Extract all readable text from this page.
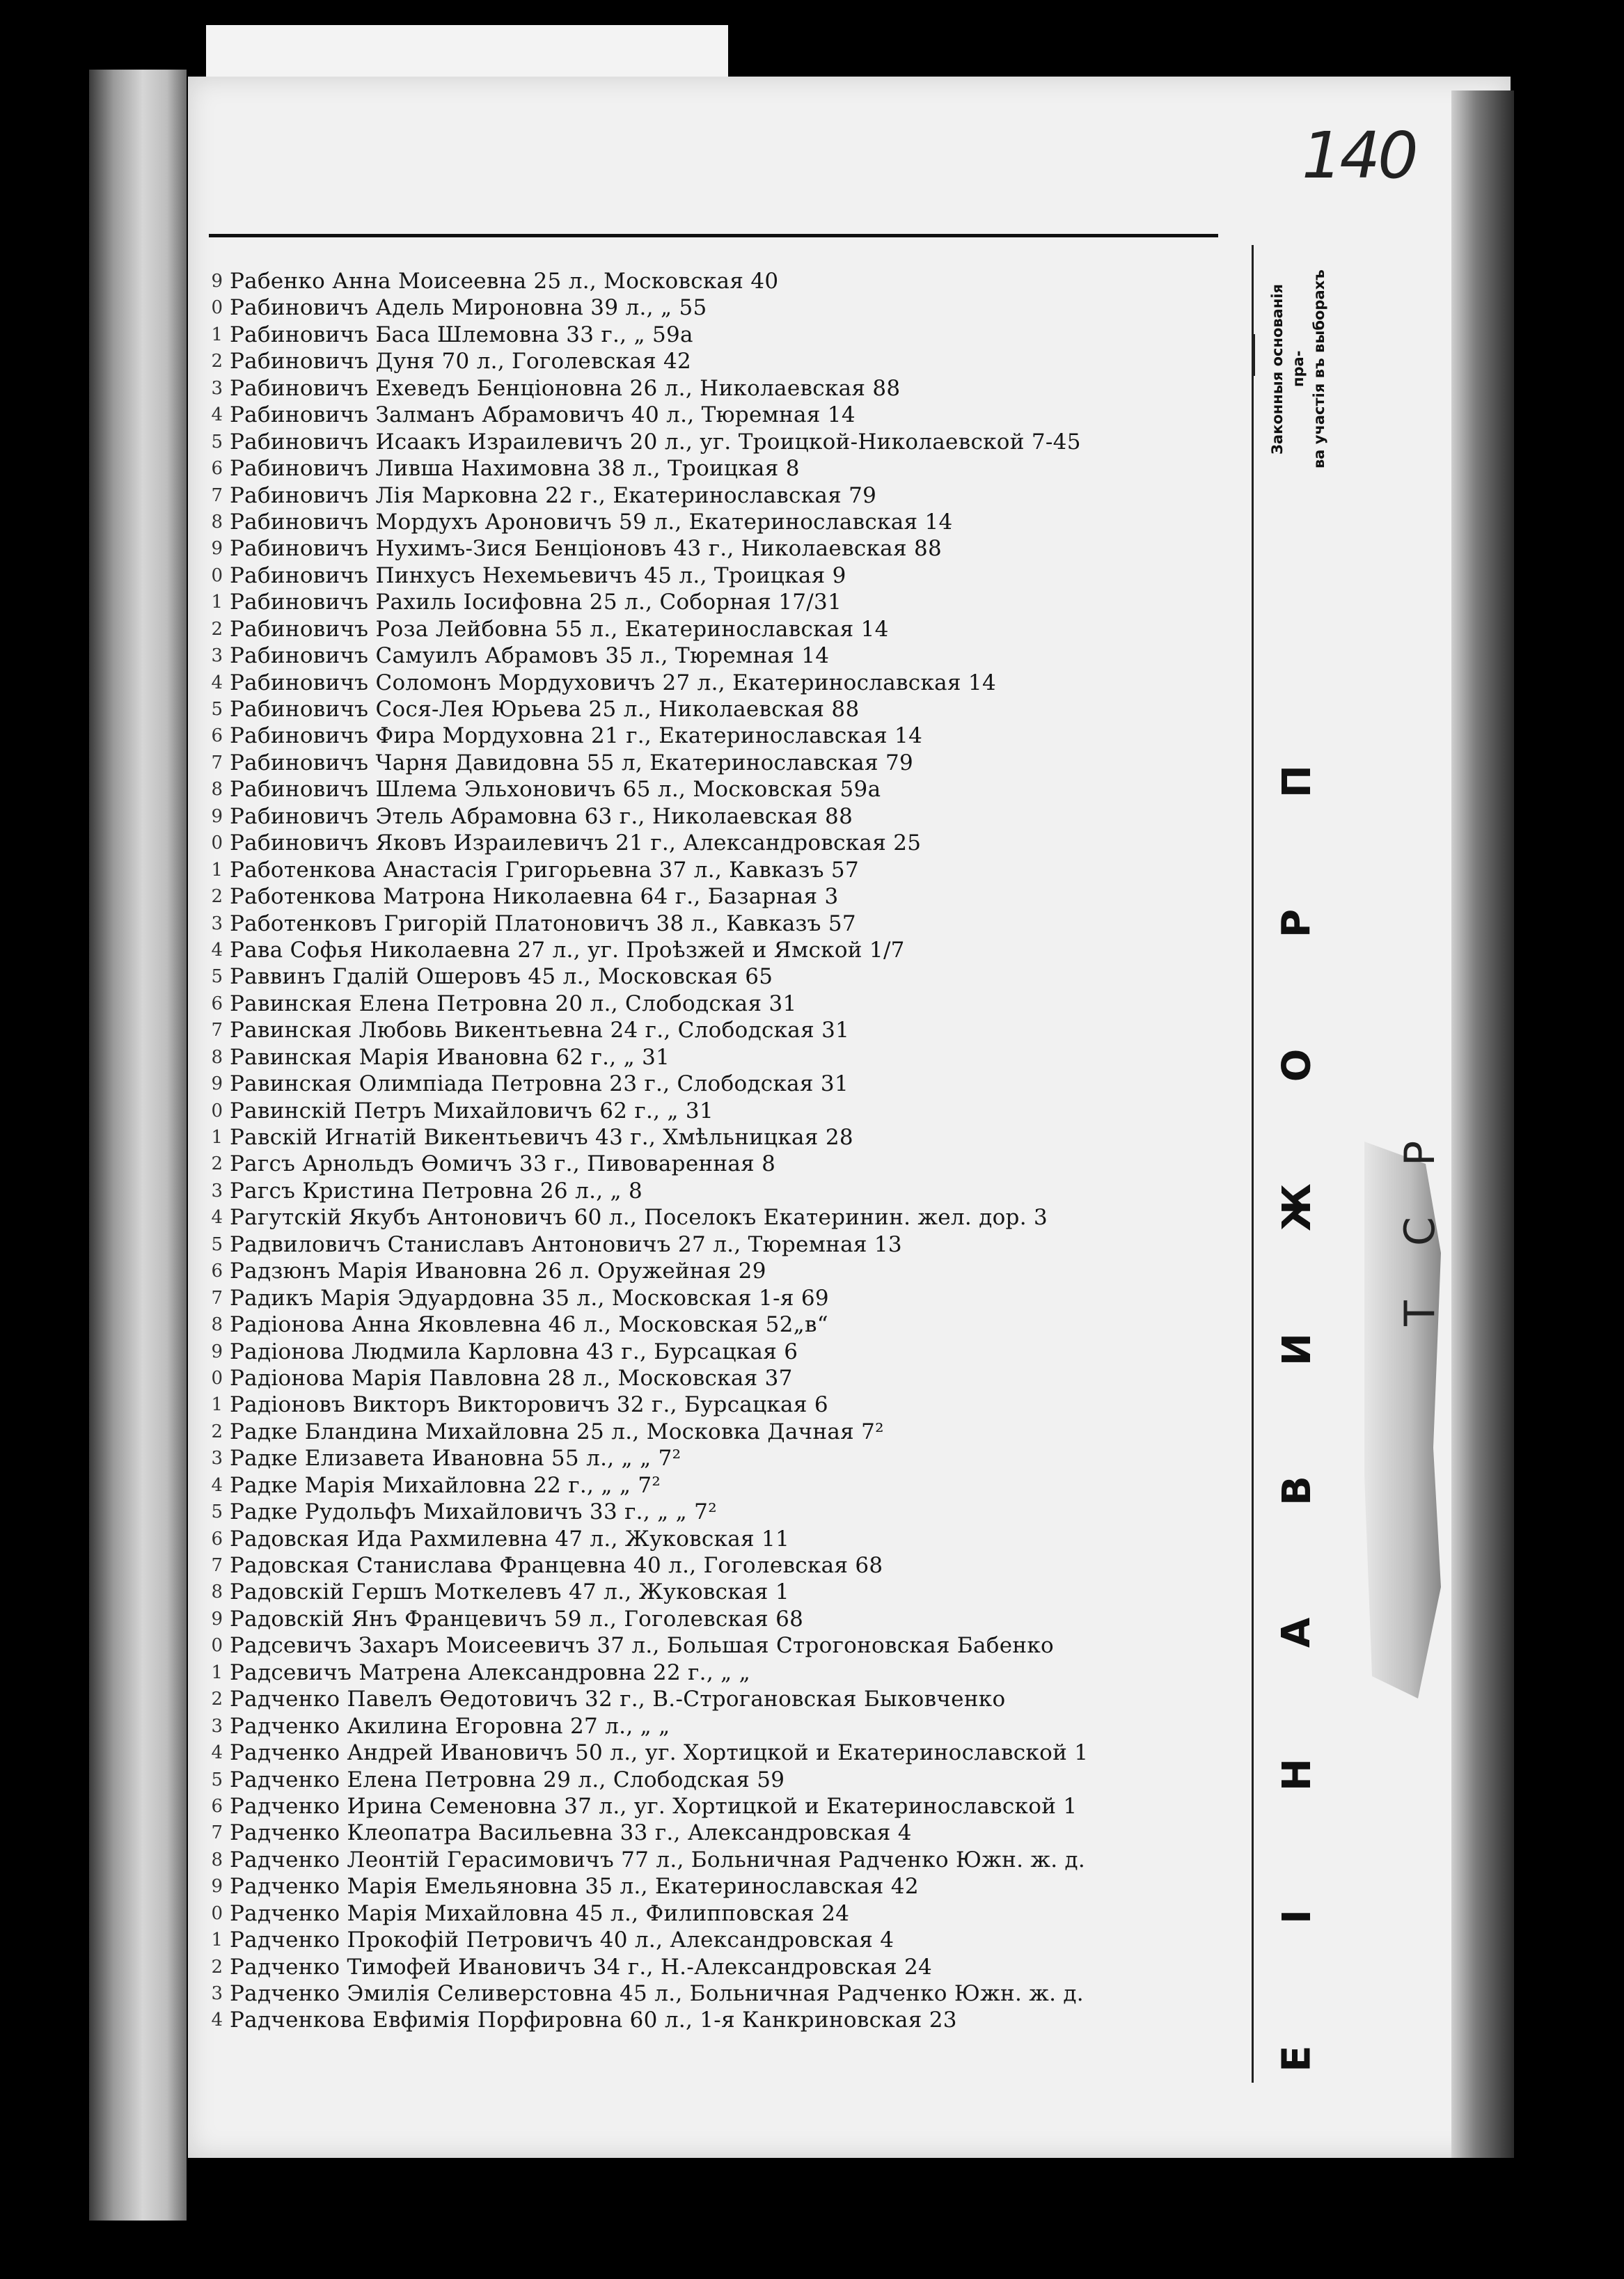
140
9
0
1
2
3
4
5
6
7
8
9
0
1
2
3
4
5
6
7
8
9
0
1
2
3
4
5
6
7
8
9
0
1
2
3
4
5
6
7
8
9
0
1
2
3
4
5
6
7
8
9
0
1
2
3
4
5
6
7
8
9
0
1
2
3
4
Рабенко Анна Моисеевна 25 л., Московская 40
Рабиновичъ Адель Мироновна 39 л., „ 55
Рабиновичъ Баса Шлемовна 33 г., „ 59а
Рабиновичъ Дуня 70 л., Гоголевская 42
Рабиновичъ Ехеведъ Бенціоновна 26 л., Николаевская 88
Рабиновичъ Залманъ Абрамовичъ 40 л., Тюремная 14
Рабиновичъ Исаакъ Израилевичъ 20 л., уг. Троицкой-Николаевской 7-45
Рабиновичъ Лившa Нахимовна 38 л., Троицкая 8
Рабиновичъ Лія Марковна 22 г., Екатеринославская 79
Рабиновичъ Мордухъ Ароновичъ 59 л., Екатеринославская 14
Рабиновичъ Нухимъ-Зися Бенціоновъ 43 г., Николаевская 88
Рабиновичъ Пинхусъ Нехемьевичъ 45 л., Троицкая 9
Рабиновичъ Рахиль Іосифовна 25 л., Соборная 17/31
Рабиновичъ Роза Лейбовна 55 л., Екатеринославская 14
Рабиновичъ Самуилъ Абрамовъ 35 л., Тюремная 14
Рабиновичъ Соломонъ Мордуховичъ 27 л., Екатеринославская 14
Рабиновичъ Сося-Лея Юрьева 25 л., Николаевская 88
Рабиновичъ Фира Мордуховна 21 г., Екатеринославская 14
Рабиновичъ Чарня Давидовна 55 л, Екатеринославская 79
Рабиновичъ Шлема Эльхоновичъ 65 л., Московская 59а
Рабиновичъ Этель Абрамовна 63 г., Николаевская 88
Рабиновичъ Яковъ Израилевичъ 21 г., Александровская 25
Работенкова Анастасія Григорьевна 37 л., Кавказъ 57
Работенкова Матрона Николаевна 64 г., Базарная 3
Работенковъ Григорій Платоновичъ 38 л., Кавказъ 57
Рава Софья Николаевна 27 л., уг. Проѣзжей и Ямской 1/7
Раввинъ Гдалій Ошеровъ 45 л., Московская 65
Равинская Елена Петровна 20 л., Слободская 31
Равинская Любовь Викентьевна 24 г., Слободская 31
Равинская Марія Ивановна 62 г., „ 31
Равинская Олимпіада Петровна 23 г., Слободская 31
Равинскій Петръ Михайловичъ 62 г., „ 31
Равскій Игнатій Викентьевичъ 43 г., Хмѣльницкая 28
Рагсъ Арнольдъ Ѳомичъ 33 г., Пивоваренная 8
Рагсъ Кристина Петровна 26 л., „ 8
Рагутскій Якубъ Антоновичъ 60 л., Поселокъ Екатеринин. жел. дор. 3
Радвиловичъ Станиславъ Антоновичъ 27 л., Тюремная 13
Радзюнъ Марія Ивановна 26 л. Оружейная 29
Радикъ Марія Эдуардовна 35 л., Московская 1-я 69
Радіонова Анна Яковлевна 46 л., Московская 52„в“
Радіонова Людмила Карловна 43 г., Бурсацкая 6
Радіонова Марія Павловна 28 л., Московская 37
Радіоновъ Викторъ Викторовичъ 32 г., Бурсацкая 6
Радке Бландина Михайловна 25 л., Московка Дачная 7²
Радке Елизавета Ивановна 55 л., „ „ 7²
Радке Марія Михайловна 22 г., „ „ 7²
Радке Рудольфъ Михайловичъ 33 г., „ „ 7²
Радовская Ида Рахмилевна 47 л., Жуковская 11
Радовская Станислава Францевна 40 л., Гоголевская 68
Радовскій Гершъ Моткелевъ 47 л., Жуковская 1
Радовскій Янъ Францевичъ 59 л., Гоголевская 68
Радсевичъ Захаръ Моисеевичъ 37 л., Большая Строгоновская Бабенко
Радсевичъ Матрена Александровна 22 г., „ „
Радченко Павелъ Ѳедотовичъ 32 г., В.-Строгановская Быковченко
Радченко Акилина Егоровна 27 л., „ „
Радченко Андрей Ивановичъ 50 л., уг. Хортицкой и Екатеринославской 1
Радченко Елена Петровна 29 л., Слободская 59
Радченко Ирина Семеновна 37 л., уг. Хортицкой и Екатеринославской 1
Радченко Клеопатра Васильевна 33 г., Александровская 4
Радченко Леонтій Герасимовичъ 77 л., Больничная Радченко Южн. ж. д.
Радченко Марія Емельяновна 35 л., Екатеринославская 42
Радченко Марія Михайловна 45 л., Филипповская 24
Радченко Прокофій Петровичъ 40 л., Александровская 4
Радченко Тимофей Ивановичъ 34 г., Н.-Александровская 24
Радченко Эмилія Селиверстовна 45 л., Больничная Радченко Южн. ж. д.
Радченкова Евфимія Порфировна 60 л., 1-я Канкриновская 23
Законныя основанія пра- ва участія въ выборахъ
П
Р
О
Ж
И
В
А
Н
І
Е
Р
С
Т
